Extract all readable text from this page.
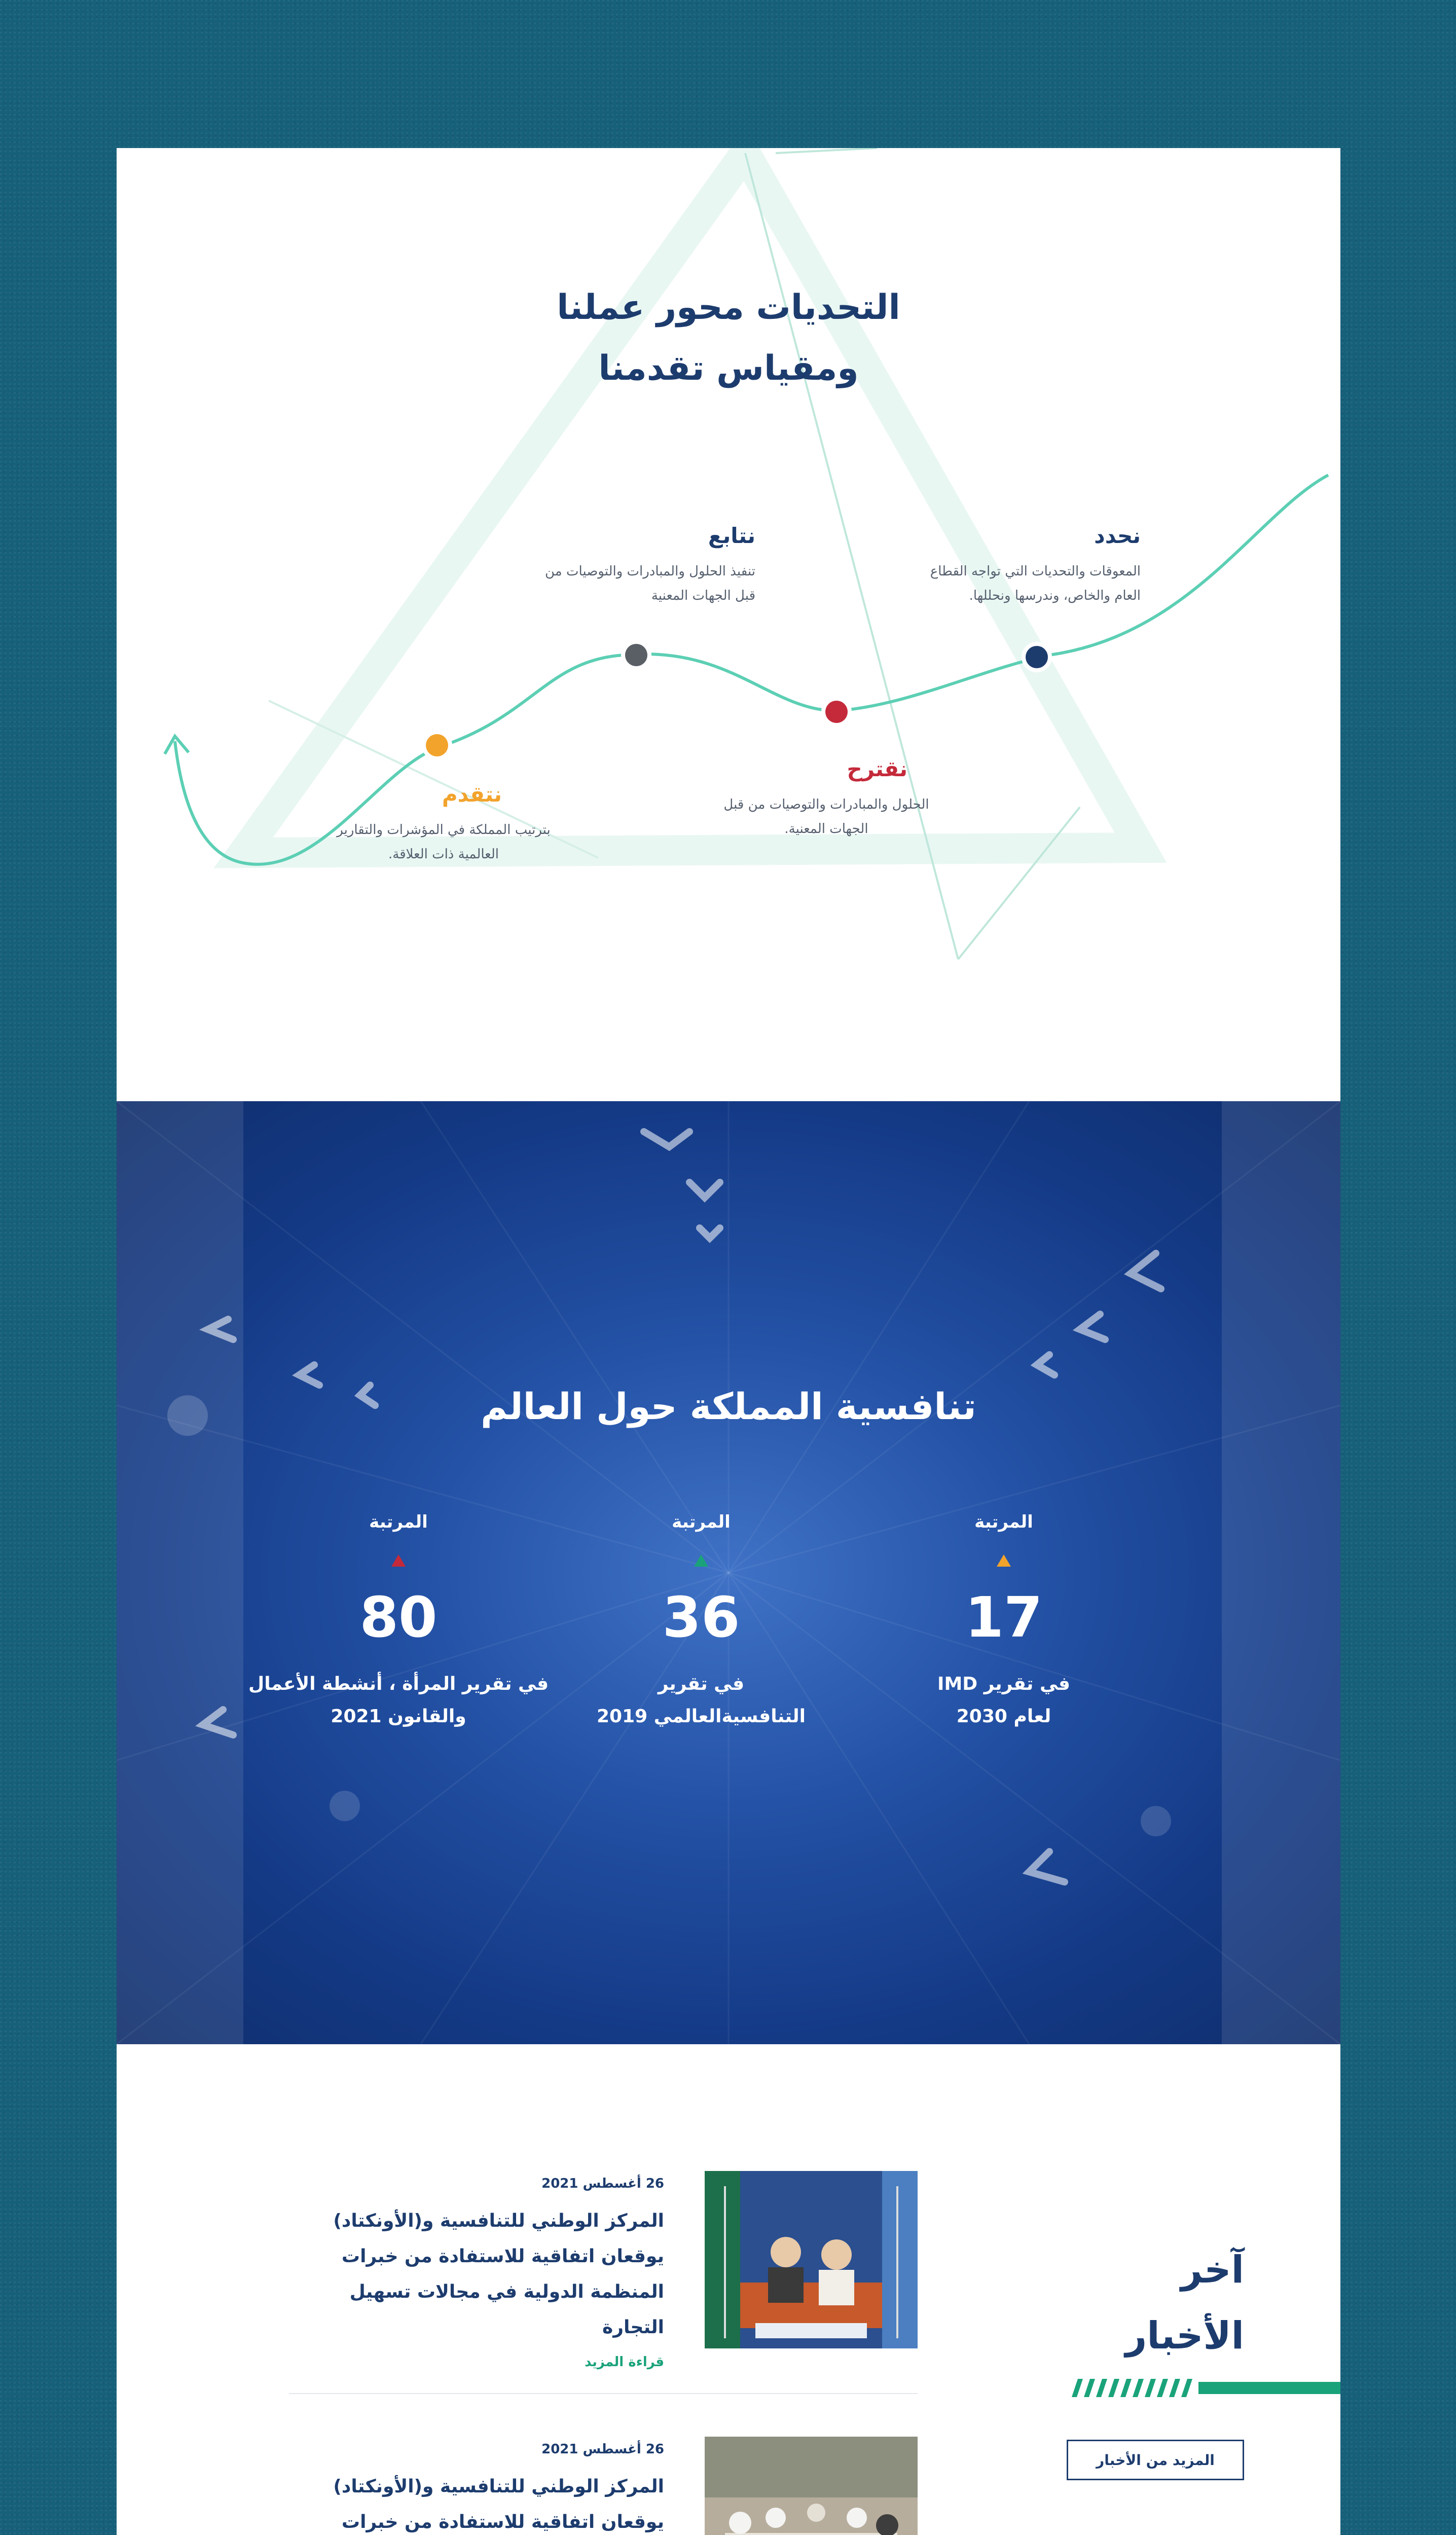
التحديات محور عملنا
ومقياس تقدمنا
نحدد

المعوقات والتحديات التي تواجه القطاع العام والخاص، وندرسها ونحللها.

نتابع

تنفيذ الحلول والمبادرات والتوصيات من قبل الجهات المعنية

نقترح

الحلول والمبادرات والتوصيات من قبل الجهات المعنية.

نتقدم

بترتيب المملكة في المؤشرات والتقارير العالمية ذات العلاقة.

تنافسية المملكة حول العالم
المرتبة
17
في تقرير IMD لعام 2030
المرتبة
36
في تقرير التنافسيةالعالمي 2019
المرتبة
80
في تقرير المرأة ، أنشطة الأعمال والقانون 2021
آخر
الأخبار
المزيد من الأخبار
26 أغسطس 2021
المركز الوطني للتنافسية و(الأونكتاد) يوقعان اتفاقية للاستفادة من خبرات المنظمة الدولية في مجالات تسهيل التجارة
قراءة المزيد
26 أغسطس 2021
المركز الوطني للتنافسية و(الأونكتاد) يوقعان اتفاقية للاستفادة من خبرات
